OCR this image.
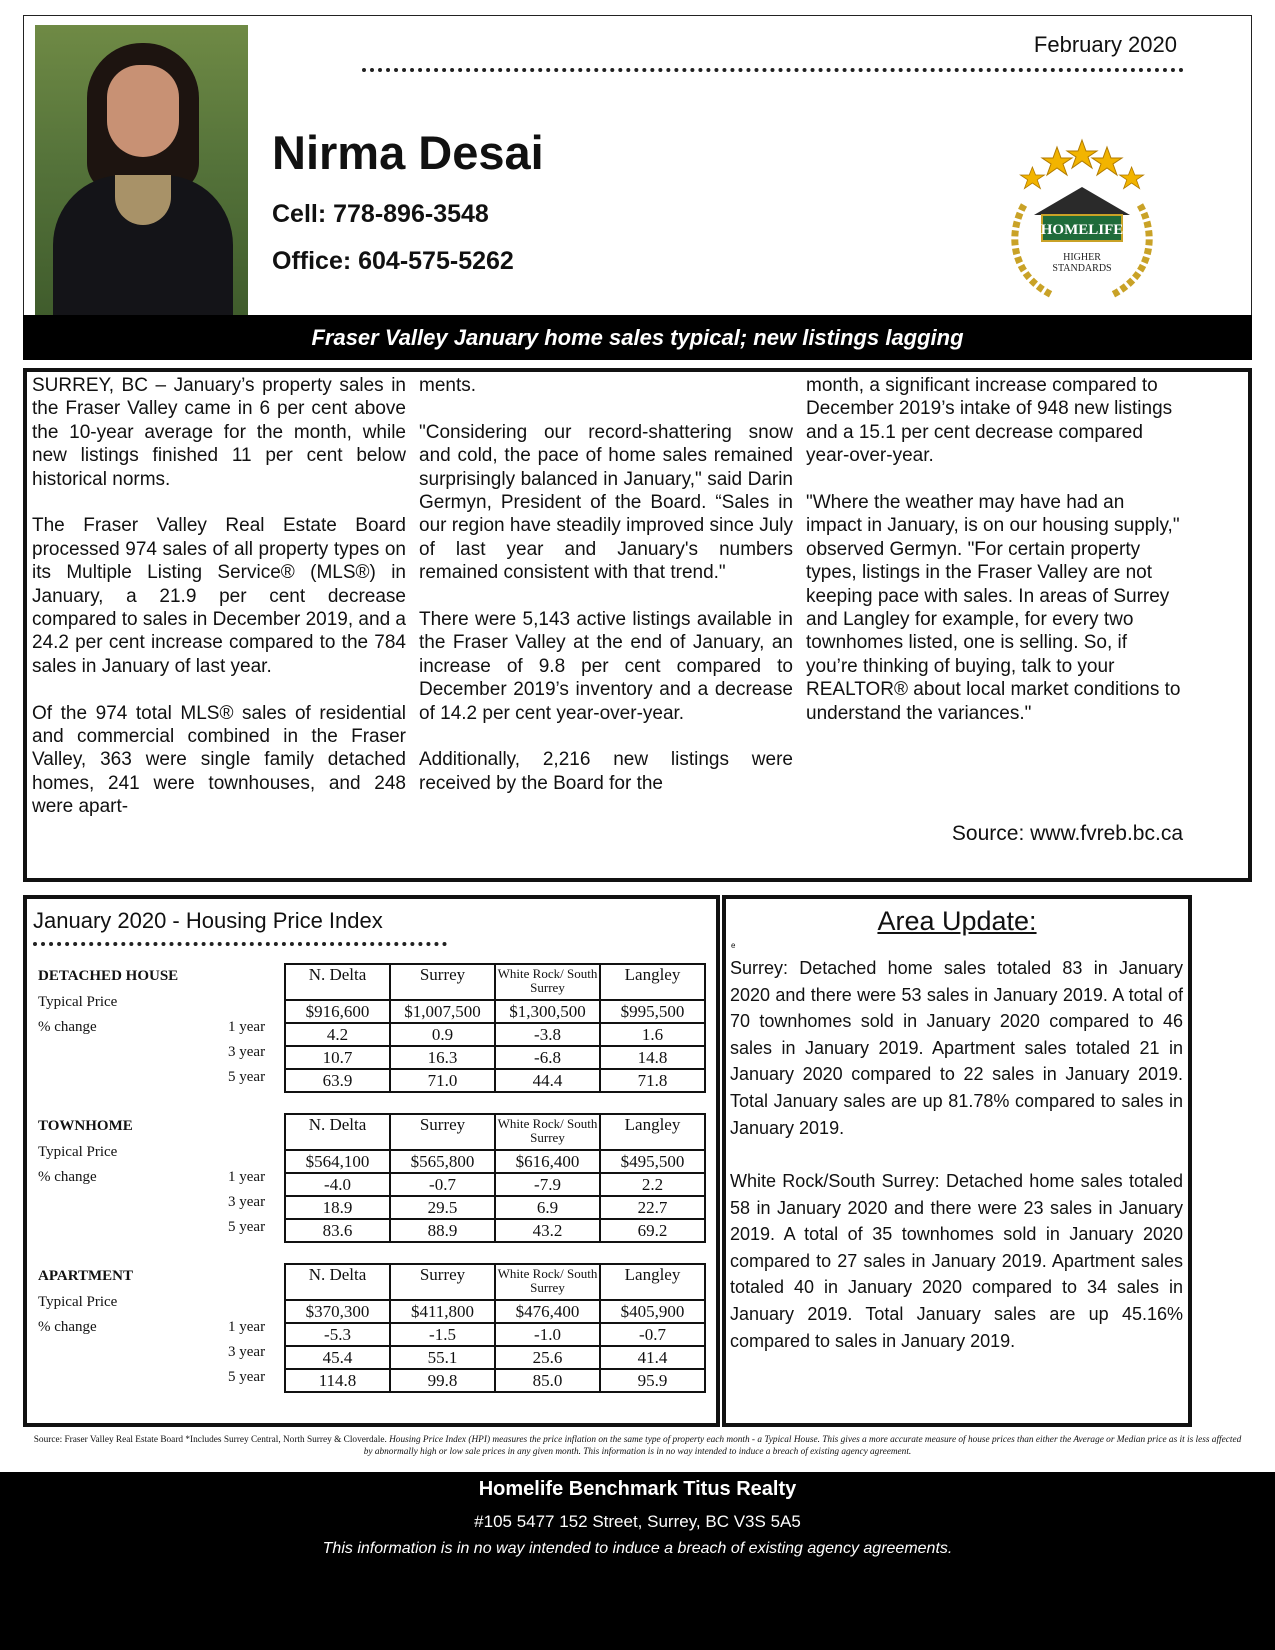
February 2020
Nirma Desai
Cell: 778-896-3548
Office: 604-575-5262
HOMELIFE
HIGHER
STANDARDS
Fraser Valley January home sales typical; new listings lagging

SURREY, BC – January’s property sales in the Fraser Valley came in 6 per cent above the 10-year average for the month, while new listings finished 11 per cent below historical norms.

The Fraser Valley Real Estate Board processed 974 sales of all property types on its Multiple Listing Service® (MLS®) in January, a 21.9 per cent decrease compared to sales in December 2019, and a 24.2 per cent increase compared to the 784 sales in January of last year.

Of the 974 total MLS® sales of residential and commercial combined in the Fraser Valley, 363 were single family detached homes, 241 were townhouses, and 248 were apart-

ments.

"Considering our record-shattering snow and cold, the pace of home sales remained surprisingly balanced in January," said Darin Germyn, President of the Board. “Sales in our region have steadily improved since July of last year and January's numbers remained consistent with that trend."

There were 5,143 active listings available in the Fraser Valley at the end of January, an increase of 9.8 per cent compared to December 2019’s inventory and a decrease of 14.2 per cent year-over-year.

Additionally, 2,216 new listings were received by the Board for the

month, a significant increase compared to December 2019’s intake of 948 new listings and a 15.1 per cent decrease compared year-over-year.

"Where the weather may have had an impact in January, is on our housing supply," observed Germyn. "For certain property types, listings in the Fraser Valley are not keeping pace with sales. In areas of Surrey and Langley for example, for every two townhomes listed, one is selling. So, if you’re thinking of buying, talk to your REALTOR® about local market conditions to understand the variances."

Source: www.fvreb.bc.ca
January 2020 - Housing Price Index
DETACHED HOUSE
Typical Price
% change	1 year
3 year
5 year
N. Delta	Surrey	White Rock/ South Surrey	Langley
$916,600	$1,007,500	$1,300,500	$995,500
4.2	0.9	-3.8	1.6
10.7	16.3	-6.8	14.8
63.9	71.0	44.4	71.8
TOWNHOME
Typical Price
% change	1 year
3 year
5 year
N. Delta	Surrey	White Rock/ South Surrey	Langley
$564,100	$565,800	$616,400	$495,500
-4.0	-0.7	-7.9	2.2
18.9	29.5	6.9	22.7
83.6	88.9	43.2	69.2
APARTMENT
Typical Price
% change	1 year
3 year
5 year
N. Delta	Surrey	White Rock/ South Surrey	Langley
$370,300	$411,800	$476,400	$405,900
-5.3	-1.5	-1.0	-0.7
45.4	55.1	25.6	41.4
114.8	99.8	85.0	95.9
Area Update:
e
Surrey: Detached home sales totaled 83 in January 2020 and there were 53 sales in January 2019. A total of 70 townhomes sold in January 2020 compared to 46 sales in January 2019. Apartment sales totaled 21 in January 2020 compared to 22 sales in January 2019. Total January sales are up 81.78% compared to sales in January 2019.
White Rock/South Surrey: Detached home sales totaled 58 in January 2020 and there were 23 sales in January 2019. A total of 35 townhomes sold in January 2020 compared to 27 sales in January 2019. Apartment sales totaled 40 in January 2020 compared to 34 sales in January 2019. Total January sales are up 45.16% compared to sales in January 2019.
Source: Fraser Valley Real Estate Board *Includes Surrey Central, North Surrey & Cloverdale. Housing Price Index (HPI) measures the price inflation on the same type of property each month - a Typical House. This gives a more accurate measure of house prices than either the Average or Median price as it is less affected by abnormally high or low sale prices in any given month. This information is in no way intended to induce a breach of existing agency agreement.
Homelife Benchmark Titus Realty
#105 5477 152 Street, Surrey, BC V3S 5A5
This information is in no way intended to induce a breach of existing agency agreements.
